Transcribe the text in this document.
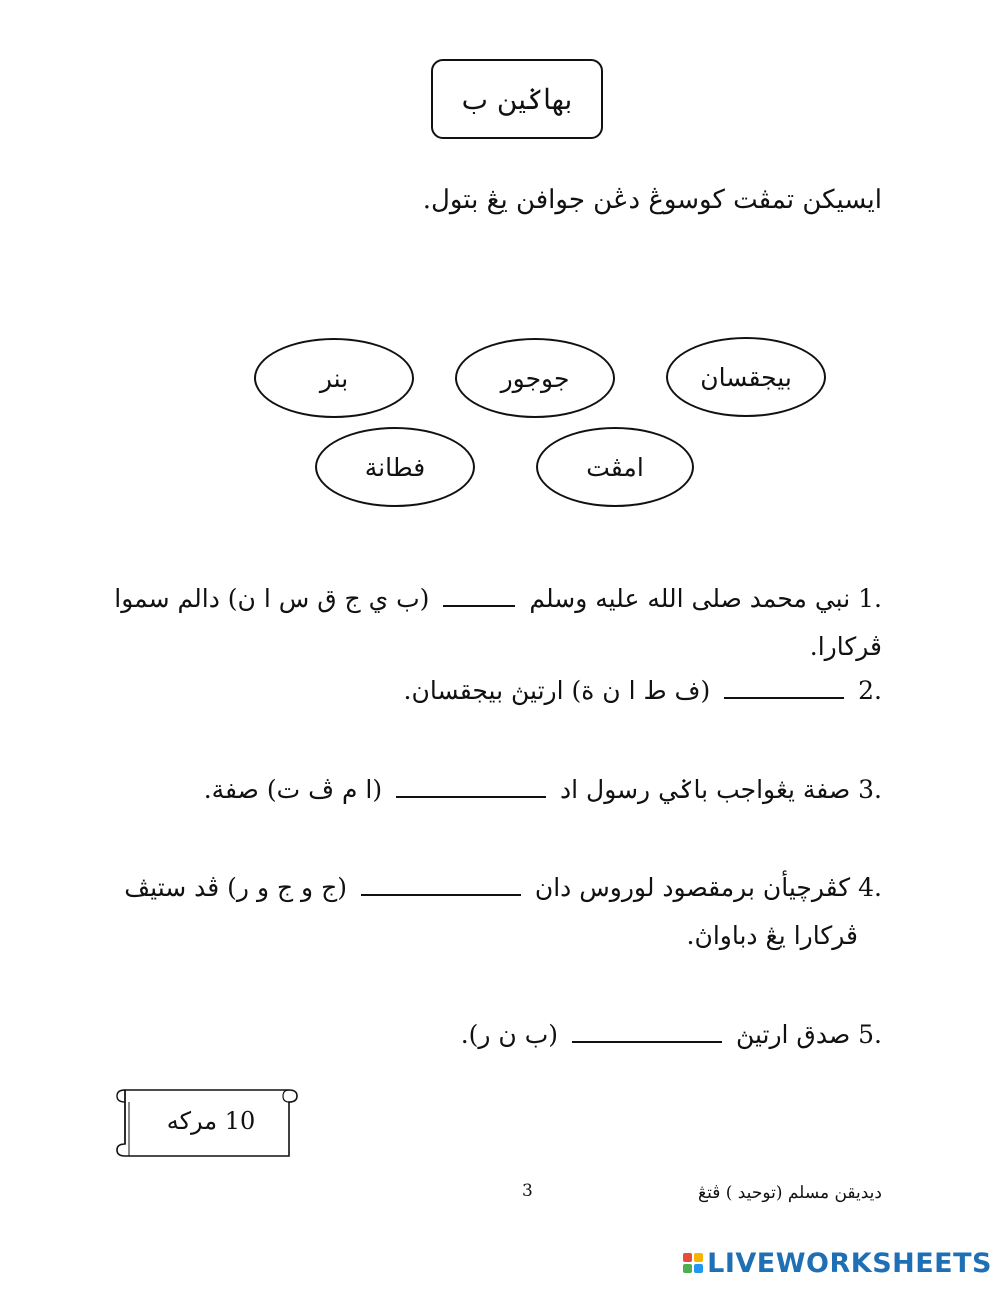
بهاݢين ب
ايسيكن تمڤت کوسوڠ دڠن جوافن يڠ بتول.
بيجقسان
جوجور
بنر
امڤت
فطانة
1. نبي محمد صلى الله عليه وسلم  (ب ي ج ق س ا ن) دالم سموا ڤركارا.
2.  (ف ط ا ن ة) ارتيڽ بيجقسان.
3. صفة يڠواجب باݢي رسول اد  (ا م ڤ ت) صفة.
4. کڤرچيأن برمقصود لوروس دان  (ج و ج و ر) ڤد ستيڤ
ڤركارا يڠ دباواڽ.
5. صدق ارتيڽ  (ب ن ر).
10 مرکه
3	ديديقن مسلم (توحيد ) ڤتڠ
LIVEWORKSHEETS
